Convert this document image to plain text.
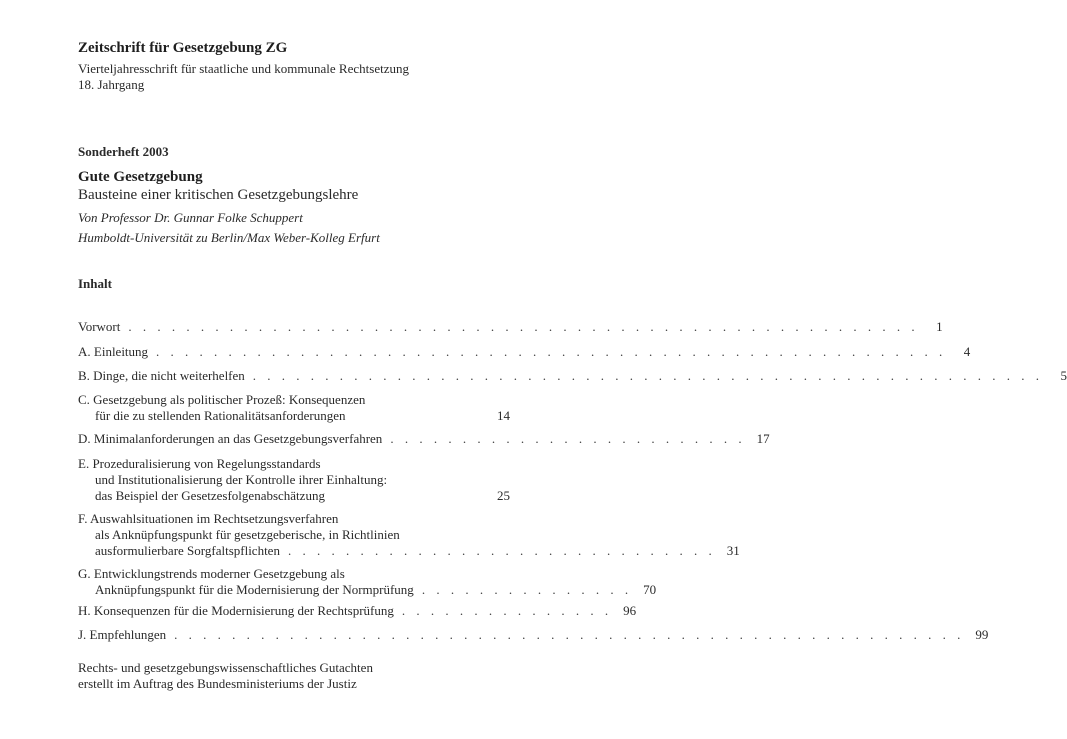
Zeitschrift für Gesetzgebung ZG
Vierteljahresschrift für staatliche und kommunale Rechtsetzung
18. Jahrgang
Sonderheft 2003
Gute Gesetzgebung
Bausteine einer kritischen Gesetzgebungslehre
Von Professor Dr. Gunnar Folke Schuppert
Humboldt-Universität zu Berlin/Max Weber-Kolleg Erfurt
Inhalt
Vorwort . . . . . . . . . . . . . . . . . . . . . . . . . . . . . . . . . . . . . . . . . . . . . . . . . . . . . . .	1
A. Einleitung . . . . . . . . . . . . . . . . . . . . . . . . . . . . . . . . . . . . . . . . . . . . . . . . . . . . . . .	4
B. Dinge, die nicht weiterhelfen . . . . . . . . . . . . . . . . . . . . . . . . . . . . . . . . . . . . . . . . . . . . . . . . . . . . . . .	5
C. Gesetzgebung als politischer Prozeß: Konsequenzen
für die zu stellenden Rationalitätsanforderungen	14
D. Minimalanforderungen an das Gesetzgebungsverfahren . . . . . . . . . . . . . . . . . . . . . . . . . 17
E. Prozeduralisierung von Regelungsstandards
und Institutionalisierung der Kontrolle ihrer Einhaltung:
das Beispiel der Gesetzesfolgenabschätzung	25
F. Auswahlsituationen im Rechtsetzungsverfahren
als Anknüpfungspunkt für gesetzgeberische, in Richtlinien
ausformulierbare Sorgfaltspflichten . . . . . . . . . . . . . . . . . . . . . . . . . . . . . . 31
G. Entwicklungstrends moderner Gesetzgebung als
Anknüpfungspunkt für die Modernisierung der Normprüfung . . . . . . . . . . . . . . . 70
H. Konsequenzen für die Modernisierung der Rechtsprüfung . . . . . . . . . . . . . . . 96
J. Empfehlungen . . . . . . . . . . . . . . . . . . . . . . . . . . . . . . . . . . . . . . . . . . . . . . . . . . . . . . . 99
Rechts- und gesetzgebungswissenschaftliches Gutachten
erstellt im Auftrag des Bundesministeriums der Justiz
